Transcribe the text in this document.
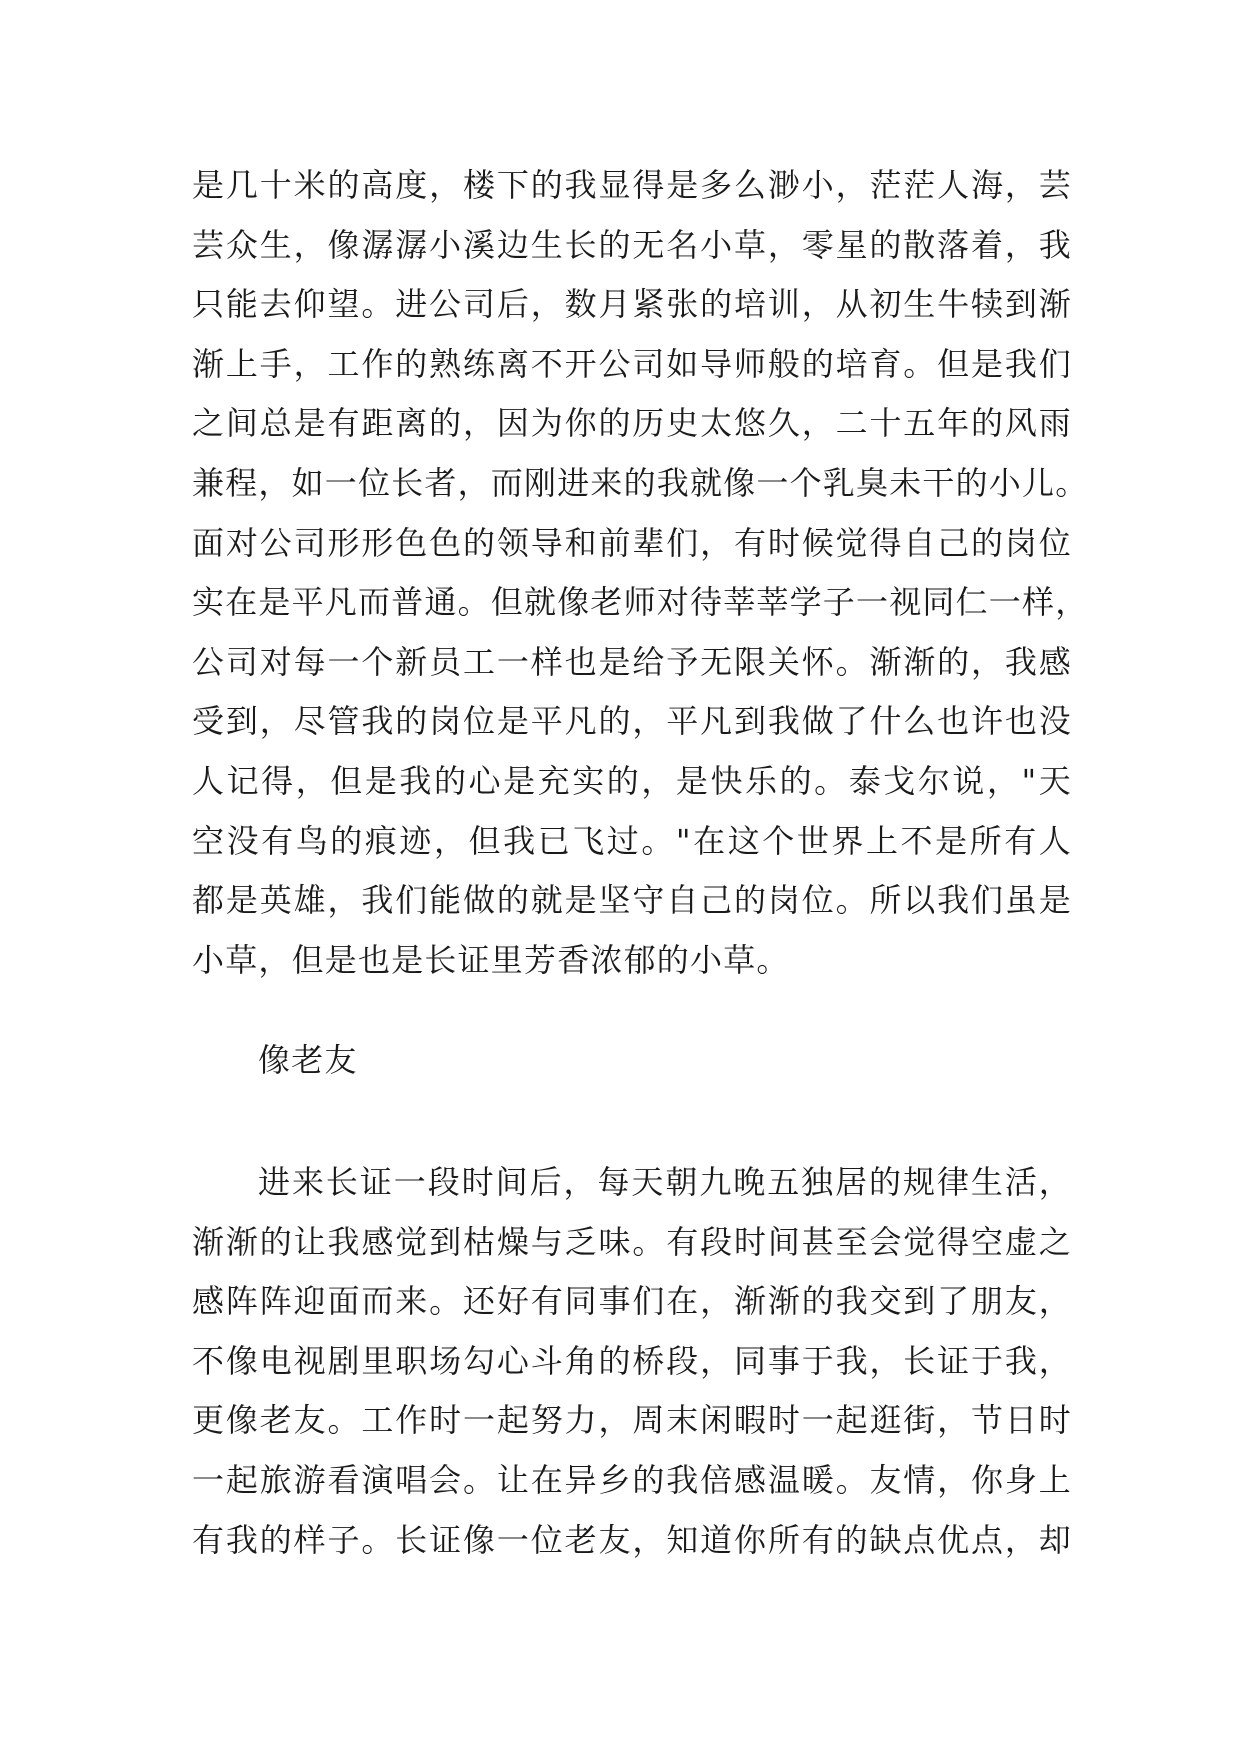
是几十米的高度，楼下的我显得是多么渺小，茫茫人海，芸
芸众生，像潺潺小溪边生长的无名小草，零星的散落着，我
只能去仰望。进公司后，数月紧张的培训，从初生牛犊到渐
渐上手，工作的熟练离不开公司如导师般的培育。但是我们
之间总是有距离的，因为你的历史太悠久，二十五年的风雨
兼程，如一位长者，而刚进来的我就像一个乳臭未干的小儿。
面对公司形形色色的领导和前辈们，有时候觉得自己的岗位
实在是平凡而普通。但就像老师对待莘莘学子一视同仁一样，
公司对每一个新员工一样也是给予无限关怀。渐渐的，我感
受到，尽管我的岗位是平凡的，平凡到我做了什么也许也没
人记得，但是我的心是充实的，是快乐的。泰戈尔说，"天
空没有鸟的痕迹，但我已飞过。"在这个世界上不是所有人
都是英雄，我们能做的就是坚守自己的岗位。所以我们虽是
小草，但是也是长证里芳香浓郁的小草。
像老友
进来长证一段时间后，每天朝九晚五独居的规律生活，
渐渐的让我感觉到枯燥与乏味。有段时间甚至会觉得空虚之
感阵阵迎面而来。还好有同事们在，渐渐的我交到了朋友，
不像电视剧里职场勾心斗角的桥段，同事于我，长证于我，
更像老友。工作时一起努力，周末闲暇时一起逛街，节日时
一起旅游看演唱会。让在异乡的我倍感温暖。友情，你身上
有我的样子。长证像一位老友，知道你所有的缺点优点，却
